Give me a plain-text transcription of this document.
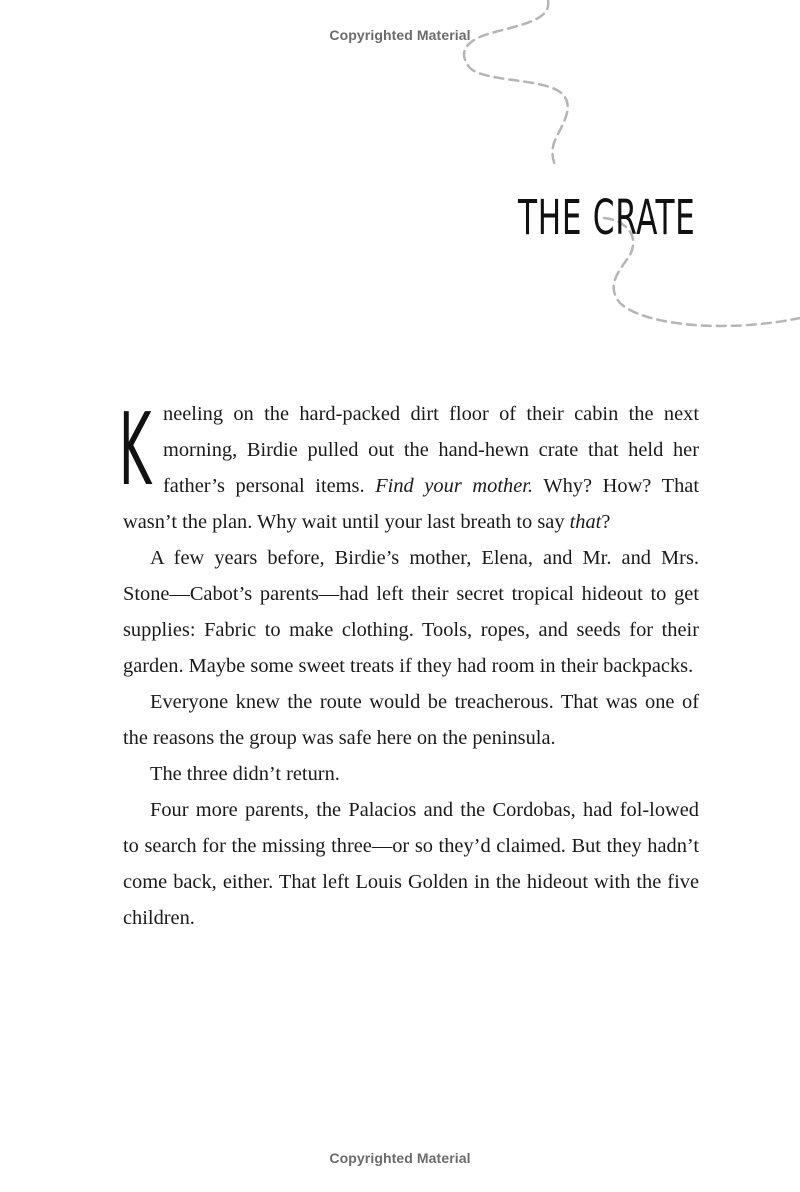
Copyrighted Material
THE CRATE

Kneeling on the hard-packed dirt floor of their cabin the next morning, Birdie pulled out the hand-hewn crate that held her father’s personal items. Find your mother. Why? How? That wasn’t the plan. Why wait until your last breath to say that?

A few years before, Birdie’s mother, Elena, and Mr. and Mrs. Stone—Cabot’s parents—had left their secret tropical hideout to get supplies: Fabric to make clothing. Tools, ropes, and seeds for their garden. Maybe some sweet treats if they had room in their backpacks.

Everyone knew the route would be treacherous. That was one of the reasons the group was safe here on the peninsula.

The three didn’t return.

Four more parents, the Palacios and the Cordobas, had fol-lowed to search for the missing three—or so they’d claimed. But they hadn’t come back, either. That left Louis Golden in the hideout with the five children.

Copyrighted Material
